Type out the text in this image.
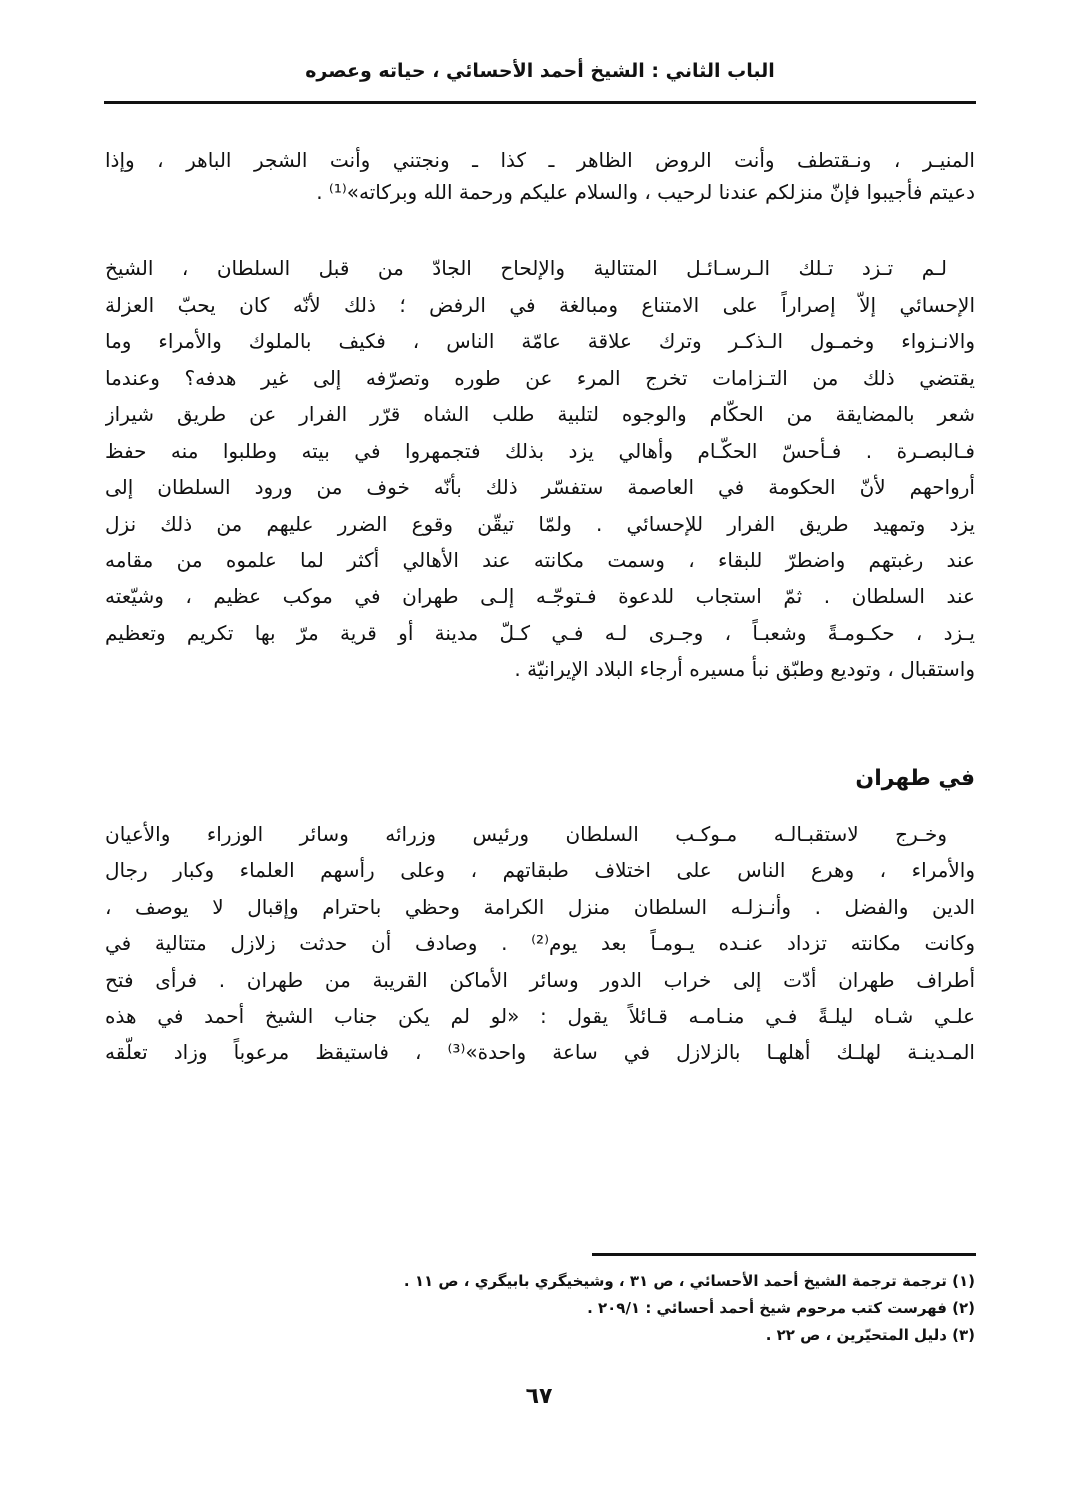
الباب الثاني : الشيخ أحمد الأحسائي ، حياته وعصره
المنيـر ، ونـقتطف وأنت الروض الظاهر ـ كذا ـ ونجتني وأنت الشجر الباهر ، وإذا
دعيتم فأجيبوا فإنّ منزلكم عندنا لرحيب ، والسلام عليكم ورحمة الله وبركاته»⁽¹⁾ .
لـم تـزد تـلك الـرسـائـل المتتالية والإلحاح الجادّ من قبل السلطان ، الشيخ
الإحسائي إلاّ إصراراً على الامتناع ومبالغة في الرفض ؛ ذلك لأنّه كان يحبّ العزلة
والانـزواء وخمـول الـذكـر وترك علاقة عامّة الناس ، فكيف بالملوك والأمراء وما
يقتضي ذلك من التـزامات تخرج المرء عن طوره وتصرّفه إلى غير هدفه؟ وعندما
شعر بالمضايقة من الحكّام والوجوه لتلبية طلب الشاه قرّر الفرار عن طريق شيراز
فـالبصـرة . فـأحسّ الحكّـام وأهالي يزد بذلك فتجمهروا في بيته وطلبوا منه حفظ
أرواحهم لأنّ الحكومة في العاصمة ستفسّر ذلك بأنّه خوف من ورود السلطان إلى
يزد وتمهيد طريق الفرار للإحسائي . ولمّا تيقّن وقوع الضرر عليهم من ذلك نزل
عند رغبتهم واضطرّ للبقاء ، وسمت مكانته عند الأهالي أكثر لما علموه من مقامه
عند السلطان . ثمّ استجاب للدعوة فـتوجّـه إلـى طهران في موكب عظيم ، وشيّعته
يـزد ، حكـومـةً وشعبـاً ، وجـرى لـه فـي كـلّ مدينة أو قرية مرّ بها تكريم وتعظيم
واستقبال ، وتوديع وطبّق نبأ مسيره أرجاء البلاد الإيرانيّة .
وخـرج لاستقبـالـه مـوكـب السلطان ورئيس وزرائه وسائر الوزراء والأعيان
والأمراء ، وهرع الناس على اختلاف طبقاتهم ، وعلى رأسهم العلماء وكبار رجال
الدين والفضل . وأنـزلـه السلطان منزل الكرامة وحظي باحترام وإقبال لا يوصف ،
وكانت مكانته تزداد عنـده يـومـاً بعد يوم⁽²⁾ . وصادف أن حدثت زلازل متتالية في
أطراف طهران أدّت إلى خراب الدور وسائر الأماكن القريبة من طهران . فرأى فتح
علـي شـاه ليلـةً فـي منـامـه قـائلاً يقول : «لو لم يكن جناب الشيخ أحمد في هذه
المـدينـة لهلـك أهلهـا بالزلازل في ساعة واحدة»⁽³⁾ ، فاستيقظ مرعوباً وزاد تعلّقه
في طهران
(١) ترجمة ترجمة الشيخ أحمد الأحسائي ، ص ٣١ ، وشيخيگري بابيگري ، ص ١١ .
(٢) فهرست كتب مرحوم شيخ أحمد أحسائي : ٢٠٩/١ .
(٣) دليل المتحيّرين ، ص ٢٢ .
٦٧
